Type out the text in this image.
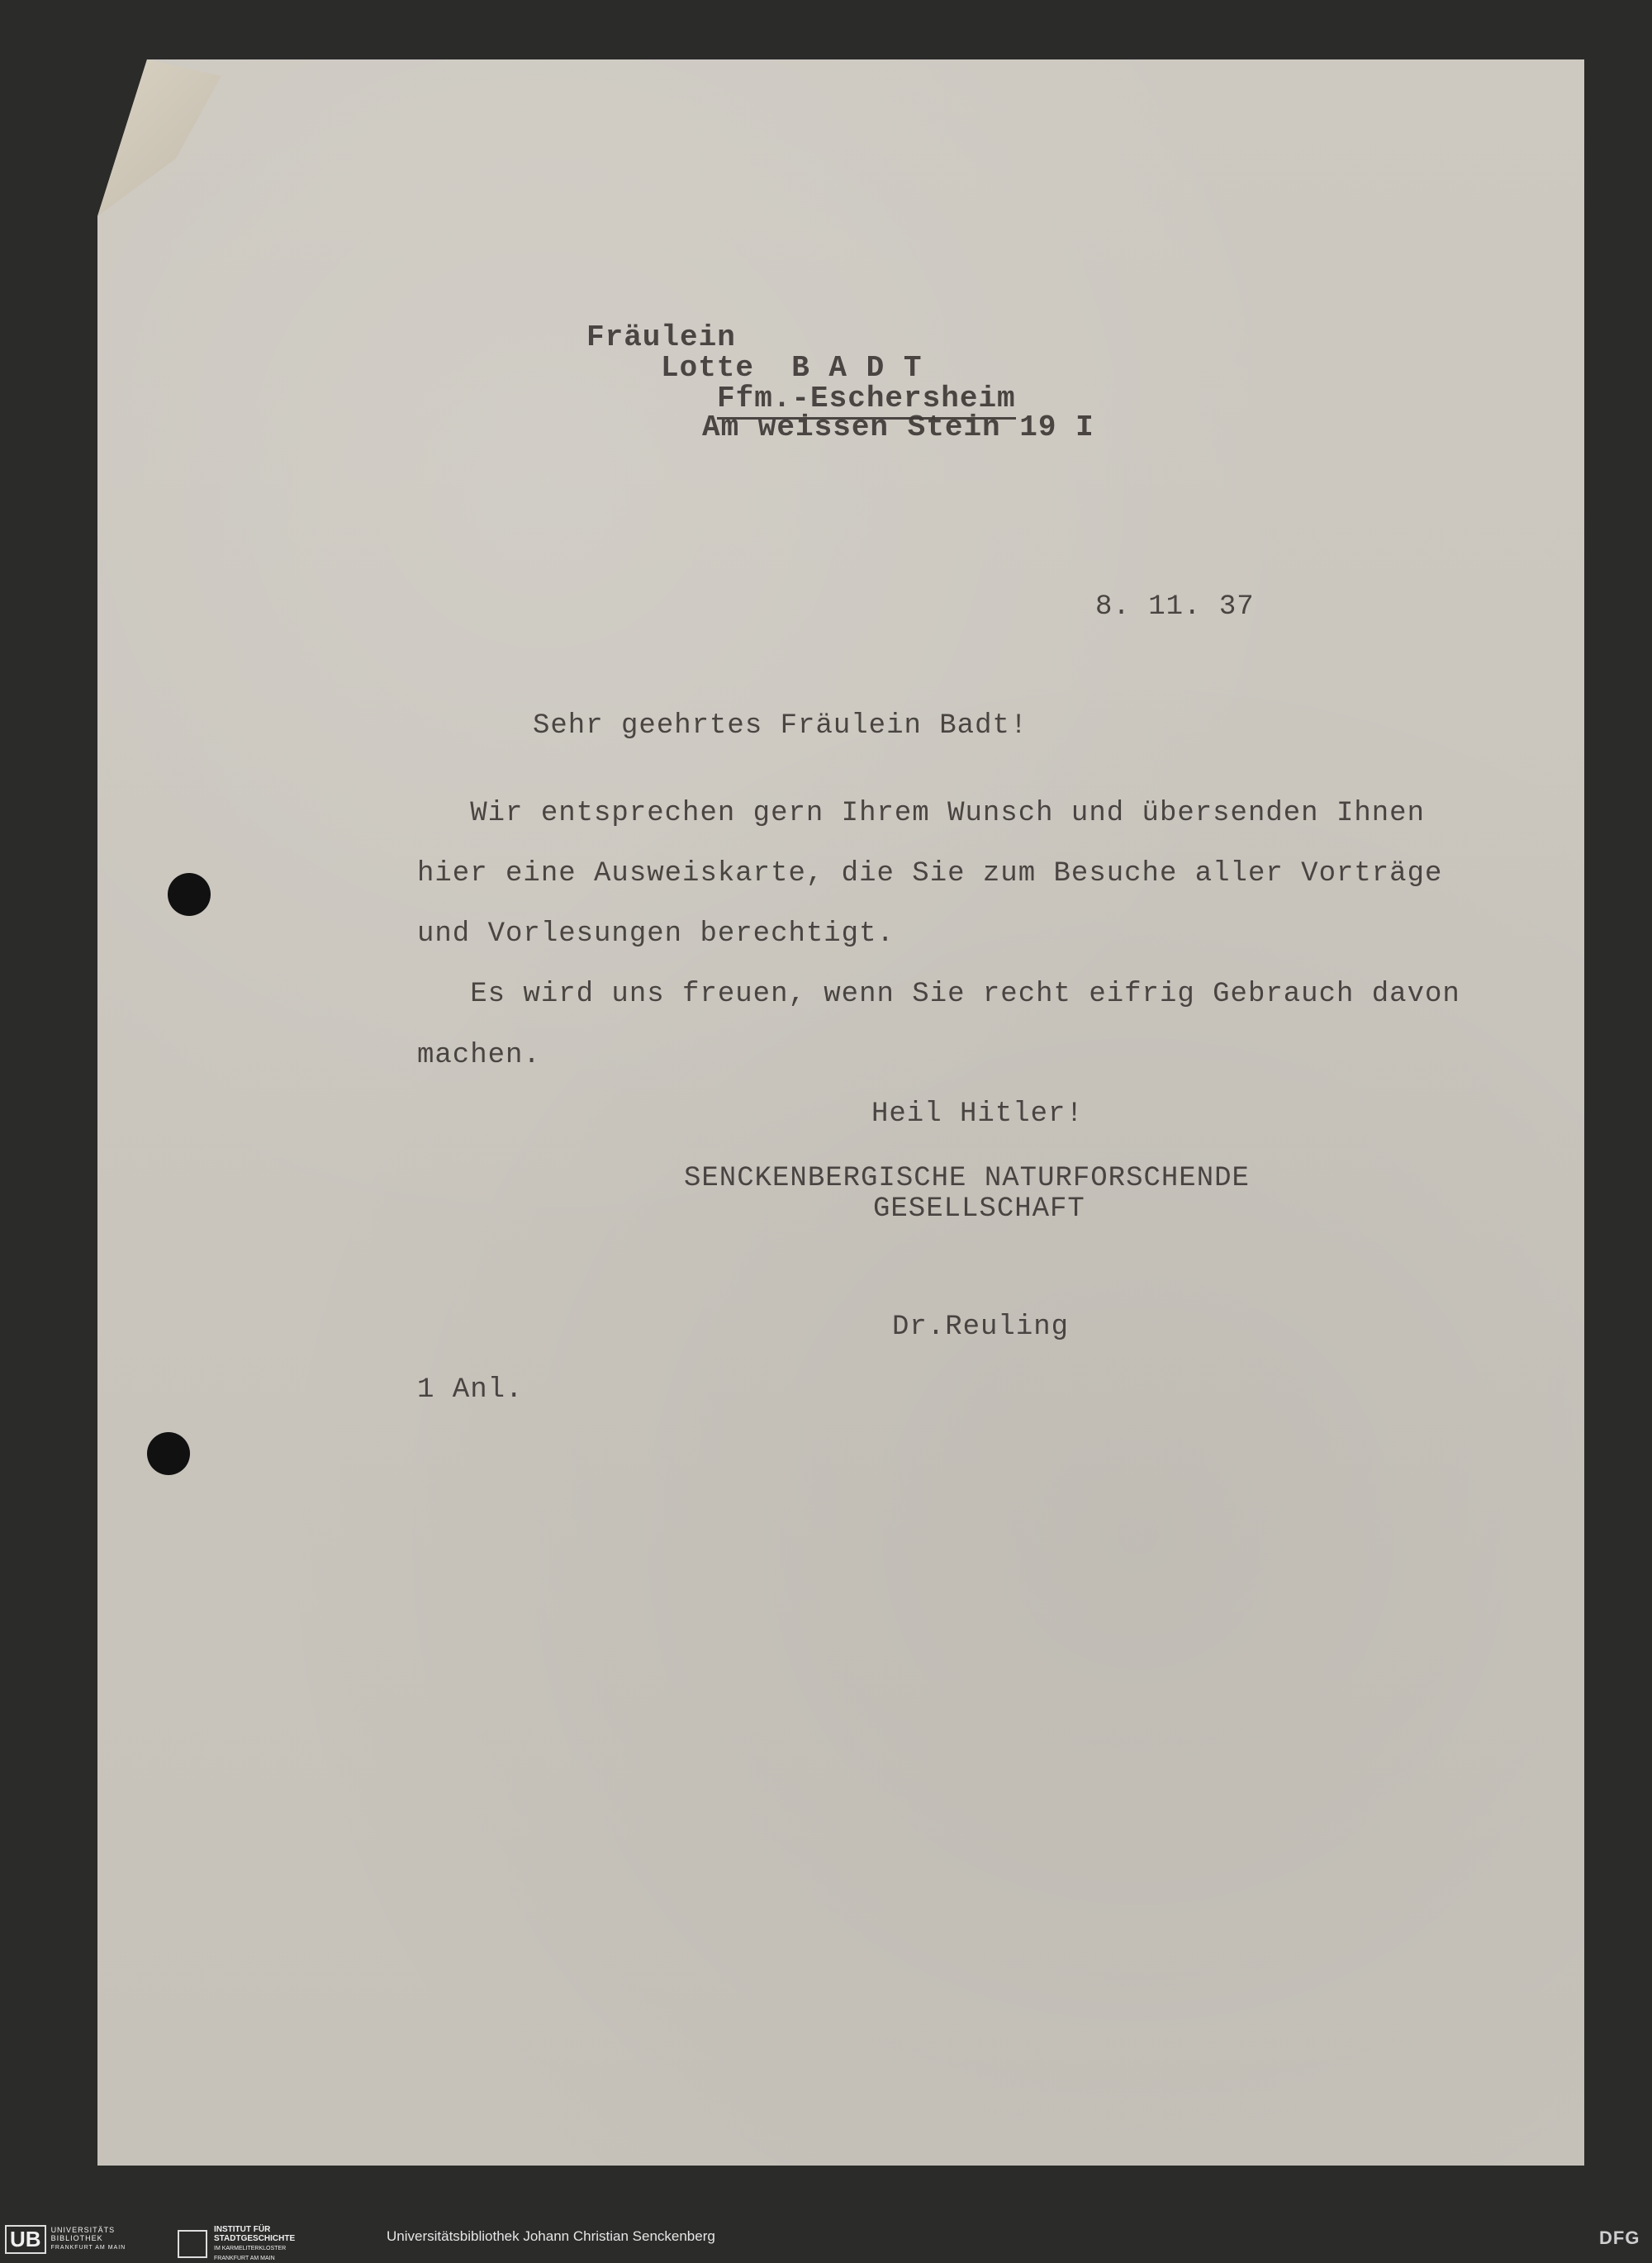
Fräulein
Lotte  B A D T
Ffm.-Eschersheim
Am weissen Stein 19 I
8. 11. 37
Sehr geehrtes Fräulein Badt!
Wir entsprechen gern Ihrem Wunsch und übersenden Ihnen
hier eine Ausweiskarte, die Sie zum Besuche aller Vorträge
und Vorlesungen berechtigt.
Es wird uns freuen, wenn Sie recht eifrig Gebrauch davon
machen.
Heil Hitler!
SENCKENBERGISCHE NATURFORSCHENDE
GESELLSCHAFT
Dr.Reuling
1 Anl.
UB	UNIVERSITÄTS
BIBLIOTHEK
FRANKFURT AM MAIN
INSTITUT FÜR
STADTGESCHICHTE
IM KARMELITERKLOSTER
FRANKFURT AM MAIN
Universitätsbibliothek Johann Christian Senckenberg	DFG
